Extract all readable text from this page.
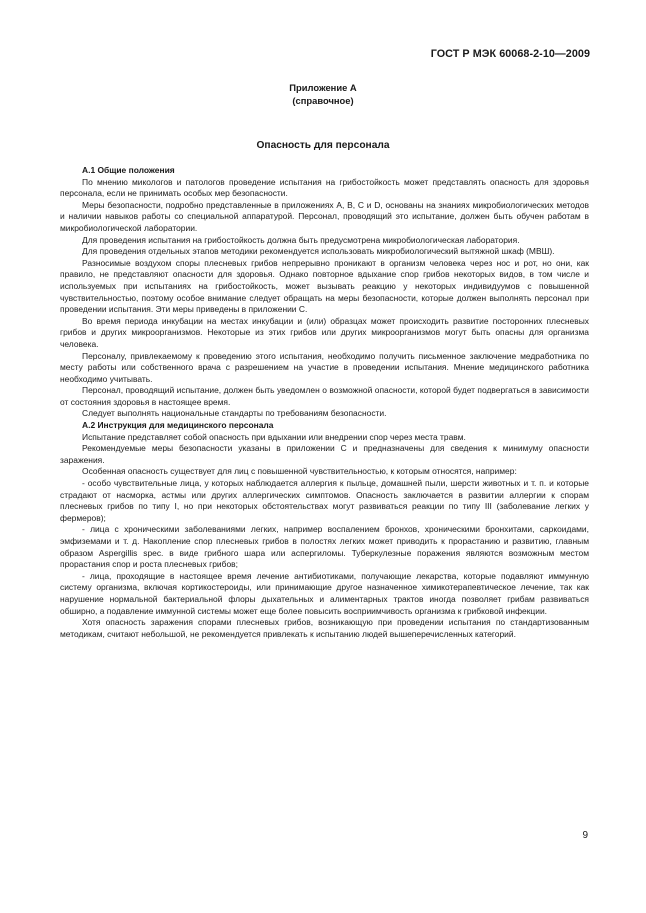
ГОСТ Р МЭК 60068-2-10—2009
Приложение А
(справочное)
Опасность для персонала

А.1 Общие положения

По мнению микологов и патологов проведение испытания на грибостойкость может представлять опасность для здоровья персонала, если не принимать особых мер безопасности.

Меры безопасности, подробно представленные в приложениях A, B, C и D, основаны на знаниях микробиологических методов и наличии навыков работы со специальной аппаратурой. Персонал, проводящий это испытание, должен быть обучен работам в микробиологической лаборатории.

Для проведения испытания на грибостойкость должна быть предусмотрена микробиологическая лаборатория.

Для проведения отдельных этапов методики рекомендуется использовать микробиологический вытяжной шкаф (МВШ).

Разносимые воздухом споры плесневых грибов непрерывно проникают в организм человека через нос и рот, но они, как правило, не представляют опасности для здоровья. Однако повторное вдыхание спор грибов некоторых видов, в том числе и используемых при испытаниях на грибостойкость, может вызывать реакцию у некоторых индивидуумов с повышенной чувствительностью, поэтому особое внимание следует обращать на меры безопасности, которые должен выполнять персонал при проведении испытания. Эти меры приведены в приложении C.

Во время периода инкубации на местах инкубации и (или) образцах может происходить развитие посторонних плесневых грибов и других микроорганизмов. Некоторые из этих грибов или других микроорганизмов могут быть опасны для организма человека.

Персоналу, привлекаемому к проведению этого испытания, необходимо получить письменное заключение медработника по месту работы или собственного врача с разрешением на участие в проведении испытания. Мнение медицинского работника необходимо учитывать.

Персонал, проводящий испытание, должен быть уведомлен о возможной опасности, которой будет подвергаться в зависимости от состояния здоровья в настоящее время.

Следует выполнять национальные стандарты по требованиям безопасности.

А.2 Инструкция для медицинского персонала

Испытание представляет собой опасность при вдыхании или внедрении спор через места травм.

Рекомендуемые меры безопасности указаны в приложении C и предназначены для сведения к минимуму опасности заражения.

Особенная опасность существует для лиц с повышенной чувствительностью, к которым относятся, например:

- особо чувствительные лица, у которых наблюдается аллергия к пыльце, домашней пыли, шерсти животных и т. п. и которые страдают от насморка, астмы или других аллергических симптомов. Опасность заключается в развитии аллергии к спорам плесневых грибов по типу I, но при некоторых обстоятельствах могут развиваться реакции по типу III (заболевание легких у фермеров);

- лица с хроническими заболеваниями легких, например воспалением бронхов, хроническими бронхитами, саркоидами, эмфиземами и т. д. Накопление спор плесневых грибов в полостях легких может приводить к прорастанию и развитию, главным образом Aspergillis spec. в виде грибного шара или аспергиломы. Туберкулезные поражения являются возможным местом прорастания спор и роста плесневых грибов;

- лица, проходящие в настоящее время лечение антибиотиками, получающие лекарства, которые подавляют иммунную систему организма, включая кортикостероиды, или принимающие другое назначенное химикотерапевтическое лечение, так как нарушение нормальной бактериальной флоры дыхательных и алиментарных трактов иногда позволяет грибам развиваться обширно, а подавление иммунной системы может еще более повысить восприимчивость организма к грибковой инфекции.

Хотя опасность заражения спорами плесневых грибов, возникающую при проведении испытания по стандартизованным методикам, считают небольшой, не рекомендуется привлекать к испытанию людей вышеперечисленных категорий.

9
